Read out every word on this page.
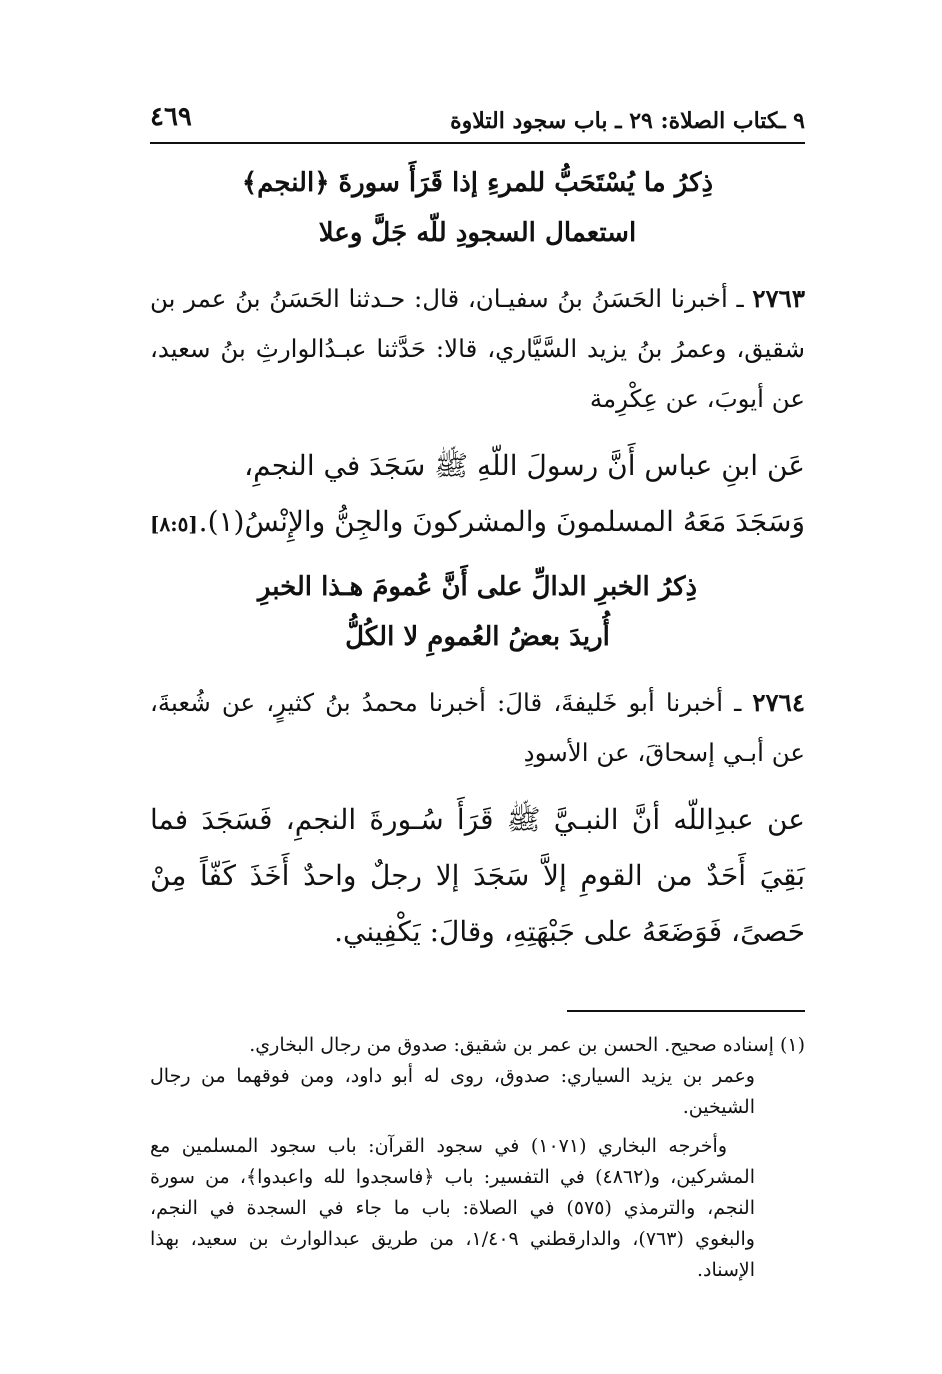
٩ ـكتاب الصلاة: ٢٩ ـ باب سجود التلاوة
٤٦٩
ذِكرُ ما يُسْتَحَبُّ للمرءِ إذا قَرَأَ سورةَ ﴿النجم﴾
استعمال السجودِ للّه جَلَّ وعلا
٢٧٦٣ ـ أخبرنا الحَسَنُ بنُ سفيـان، قال: حـدثنا الحَسَنُ بنُ عمر بن شقيق، وعمرُ بنُ يزيد السَّيَّاري، قالا: حَدَّثنا عبـدُالوارثِ بنُ سعيد، عن أيوبَ، عن عِكْرِمة
عَن ابنِ عباس أَنَّ رسولَ اللّهِ ﷺ سَجَدَ في النجمِ،
وَسَجَدَ مَعَهُ المسلمونَ والمشركونَ والجِنُّ والإِنْسُ(١).
[٨:٥]
ذِكرُ الخبرِ الدالِّ على أَنَّ عُمومَ هـذا الخبرِ
أُريدَ بعضُ العُمومِ لا الكُلُّ
٢٧٦٤ ـ أخبرنا أبو خَليفةَ، قالَ: أخبرنا محمدُ بنُ كثيرٍ، عن شُعبةَ، عن أبـي إسحاقَ، عن الأسودِ
عن عبدِاللّه أنَّ النبـيَّ ﷺ قَرَأَ سُـورةَ النجمِ، فَسَجَدَ فما بَقِيَ أَحَدٌ من القومِ إلاَّ سَجَدَ إلا رجلٌ واحدٌ أَخَذَ كَفّاً مِنْ حَصىً، فَوَضَعَهُ على جَبْهَتِهِ، وقالَ: يَكْفِيني.
(١) إسناده صحيح. الحسن بن عمر بن شقيق: صدوق من رجال البخاري.
وعمر بن يزيد السياري: صدوق، روى له أبو داود، ومن فوقهما من رجال الشيخين.
وأخرجه البخاري (١٠٧١) في سجود القرآن: باب سجود المسلمين مع المشركين، و(٤٨٦٢) في التفسير: باب ﴿فاسجدوا لله واعبدوا﴾، من سورة النجم، والترمذي (٥٧٥) في الصلاة: باب ما جاء في السجدة في النجم، والبغوي (٧٦٣)، والدارقطني ١/٤٠٩، من طريق عبدالوارث بن سعيد، بهذا الإسناد.
